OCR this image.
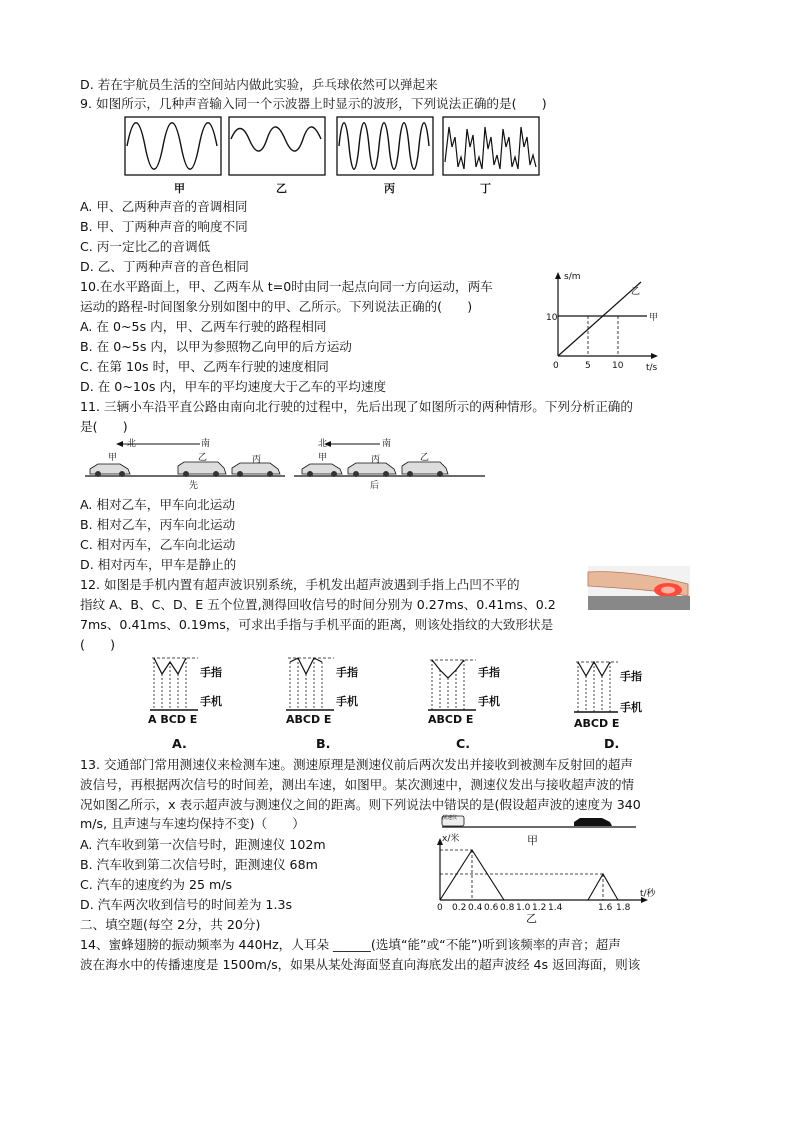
D. 若在宇航员生活的空间站内做此实验，乒乓球依然可以弹起来
9. 如图所示，几种声音输入同一个示波器上时显示的波形，下列说法正确的是(　　)
甲	乙	丙	丁
A. 甲、乙两种声音的音调相同
B. 甲、丁两种声音的响度不同
C. 丙一定比乙的音调低
D. 乙、丁两种声音的音色相同
10.在水平路面上，甲、乙两车从 t=0时由同一起点向同一方向运动，两车
运动的路程-时间图象分别如图中的甲、乙所示。下列说法正确的(　　)
A. 在 0~5s 内，甲、乙两车行驶的路程相同
B. 在 0~5s 内，以甲为参照物乙向甲的后方运动
C. 在第 10s 时，甲、乙两车行驶的速度相同
D. 在 0~10s 内，甲车的平均速度大于乙车的平均速度
s/m
t/s
0
10
5 10
甲
乙
11. 三辆小车沿平直公路由南向北行驶的过程中，先后出现了如图所示的两种情形。下列分析正确的
是(　　)
北	南	北	南
甲	乙	丙	甲	丙	乙
先	后
A. 相对乙车，甲车向北运动
B. 相对乙车，丙车向北运动
C. 相对丙车，乙车向北运动
D. 相对丙车，甲车是静止的
12. 如图是手机内置有超声波识别系统，手机发出超声波遇到手指上凸凹不平的
指纹 A、B、C、D、E 五个位置,测得回收信号的时间分别为 0.27ms、0.41ms、0.2
7ms、0.41ms、0.19ms，可求出手指与手机平面的距离，则该处指纹的大致形状是
(　　)
手指
手机
手指
手机
手指
手机
手指
手机
A BCD E	ABCD E	ABCD E	ABCD E
A.	B.	C.	D.
13. 交通部门常用测速仪来检测车速。测速原理是测速仪前后两次发出并接收到被测车反射回的超声
波信号，再根据两次信号的时间差，测出车速，如图甲。某次测速中，测速仪发出与接收超声波的情
况如图乙所示，x 表示超声波与测速仪之间的距离。则下列说法中错误的是(假设超声波的速度为 340
m/s, 且声速与车速均保持不变)（　　）
A. 汽车收到第一次信号时，距测速仪 102m
B. 汽车收到第二次信号时，距测速仪 68m
C. 汽车的速度约为 25 m/s
D. 汽车两次收到信号的时间差为 1.3s
测速仪
甲
x/米
t/秒
0 0.2 0.4 0.6 0.8 1.0 1.2 1.4	1.6 1.8
乙
二、填空题(每空 2分，共 20分)
14、蜜蜂翅膀的振动频率为 440Hz，人耳朵 ______(选填“能”或“不能”)听到该频率的声音；超声
波在海水中的传播速度是 1500m/s，如果从某处海面竖直向海底发出的超声波经 4s 返回海面，则该
